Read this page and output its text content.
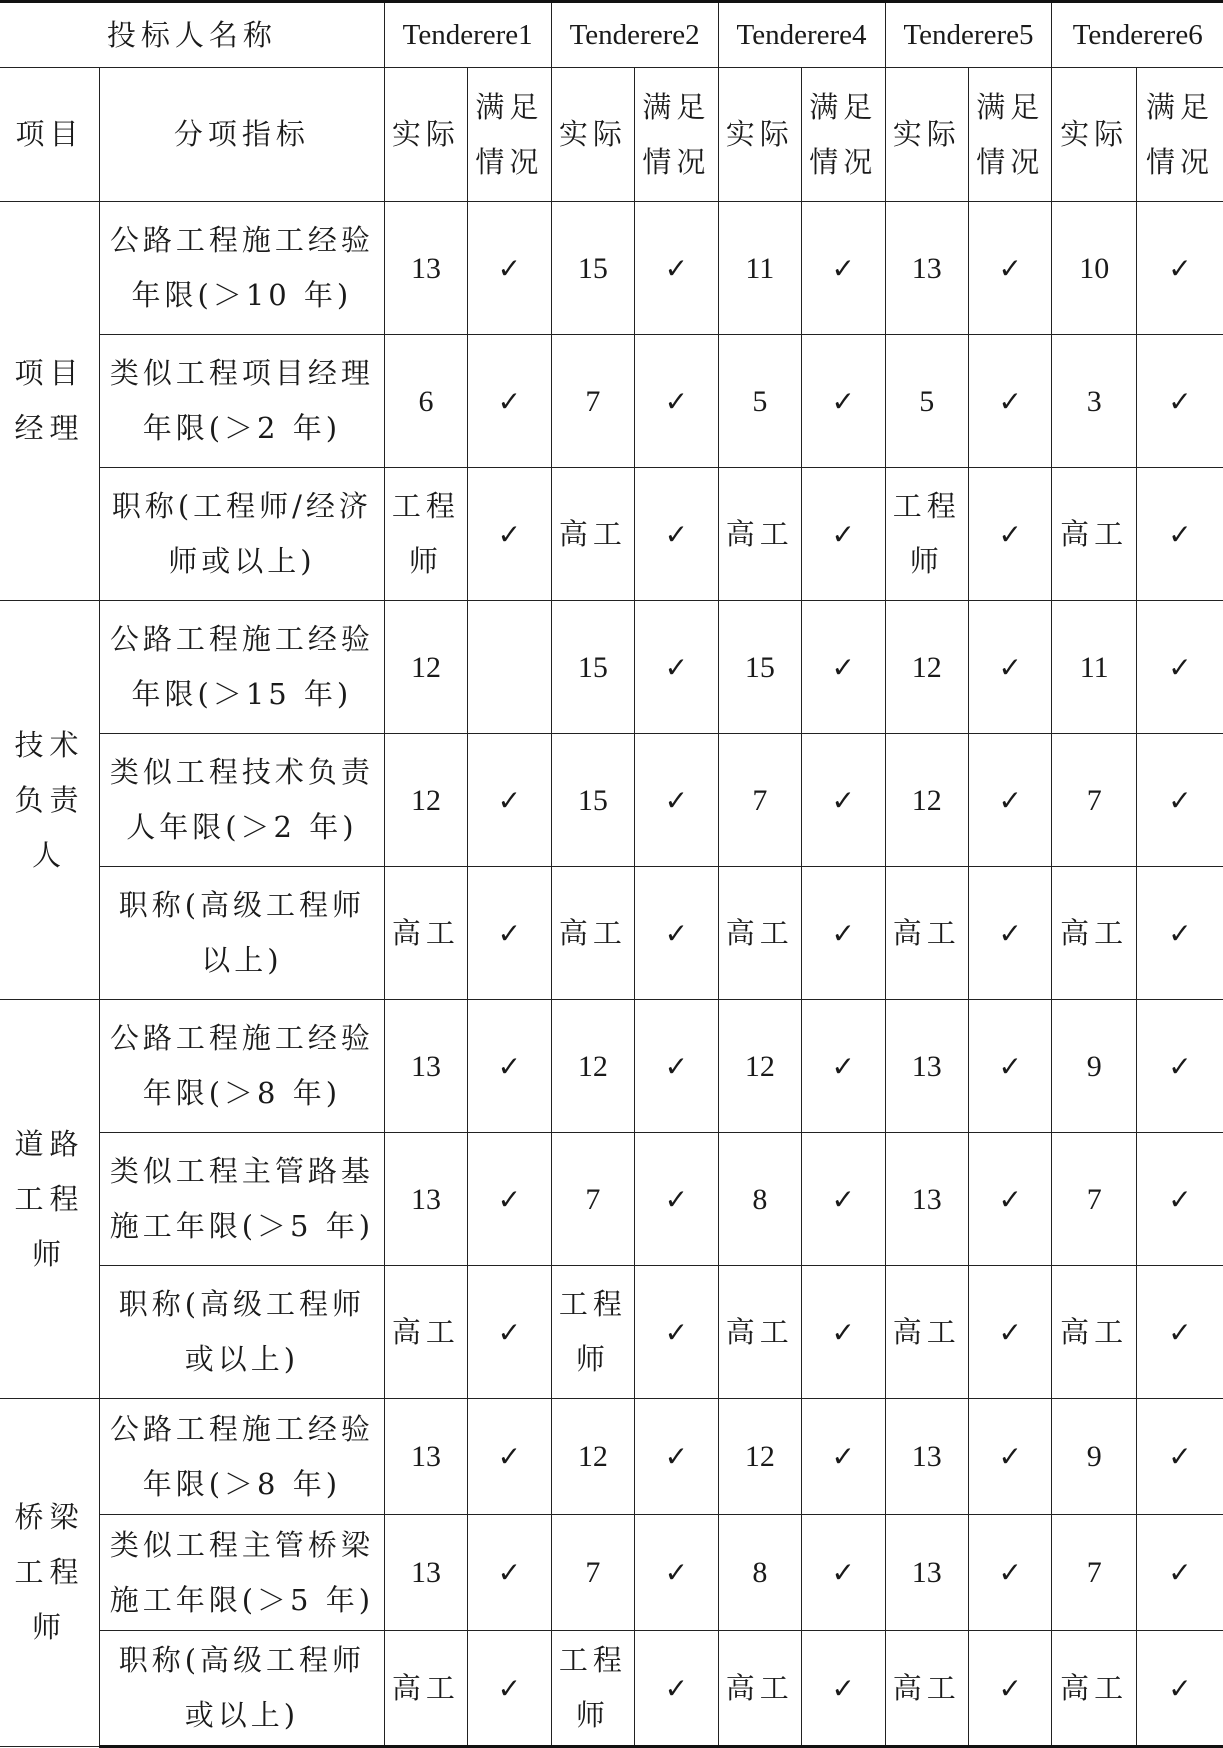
投标人名称		Tenderere1		Tenderere2		Tenderere4		Tenderere5		Tenderere6	
项目	分项指标	实际	满足情况	实际	满足情况	实际	满足情况	实际	满足情况	实际	满足情况
项目经理	公路工程施工经验年限(＞10 年)	13	✓	15	✓	11	✓	13	✓	10	✓
	类似工程项目经理年限(＞2 年)	6	✓	7	✓	5	✓	5	✓	3	✓
	职称(工程师/经济师或以上)	工程师	✓	高工	✓	高工	✓	工程师	✓	高工	✓
技术负责人	公路工程施工经验年限(＞15 年)	12		15	✓	15	✓	12	✓	11	✓
	类似工程技术负责人年限(＞2 年)	12	✓	15	✓	7	✓	12	✓	7	✓
	职称(高级工程师以上)	高工	✓	高工	✓	高工	✓	高工	✓	高工	✓
道路工程师	公路工程施工经验年限(＞8 年)	13	✓	12	✓	12	✓	13	✓	9	✓
	类似工程主管路基施工年限(＞5 年)	13	✓	7	✓	8	✓	13	✓	7	✓
	职称(高级工程师或以上)	高工	✓	工程师	✓	高工	✓	高工	✓	高工	✓
桥梁工程师	公路工程施工经验年限(＞8 年)	13	✓	12	✓	12	✓	13	✓	9	✓
	类似工程主管桥梁施工年限(＞5 年)	13	✓	7	✓	8	✓	13	✓	7	✓
	职称(高级工程师或以上)	高工	✓	工程师	✓	高工	✓	高工	✓	高工	✓
